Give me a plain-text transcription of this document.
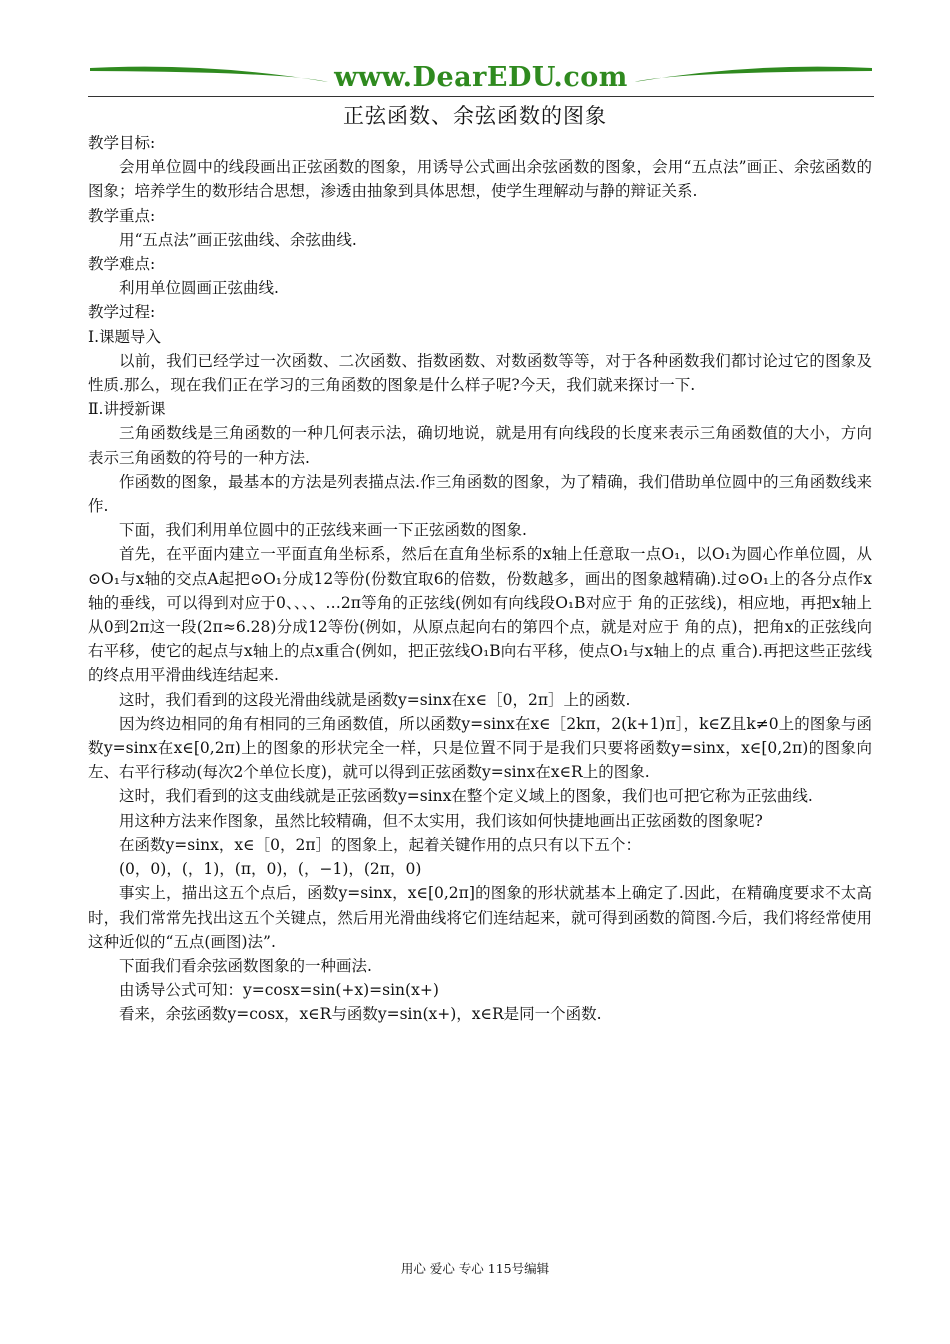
www.DearEDU.com
正弦函数、余弦函数的图象

教学目标:

会用单位圆中的线段画出正弦函数的图象，用诱导公式画出余弦函数的图象，会用“五点法”画正、余弦函数的图象；培养学生的数形结合思想，渗透由抽象到具体思想，使学生理解动与静的辩证关系.

教学重点:

用“五点法”画正弦曲线、余弦曲线.

教学难点:

利用单位圆画正弦曲线.

教学过程:

Ⅰ.课题导入

以前，我们已经学过一次函数、二次函数、指数函数、对数函数等等，对于各种函数我们都讨论过它的图象及性质.那么，现在我们正在学习的三角函数的图象是什么样子呢?今天，我们就来探讨一下.

Ⅱ.讲授新课

三角函数线是三角函数的一种几何表示法，确切地说，就是用有向线段的长度来表示三角函数值的大小，方向表示三角函数的符号的一种方法.

作函数的图象，最基本的方法是列表描点法.作三角函数的图象，为了精确，我们借助单位圆中的三角函数线来作.

下面，我们利用单位圆中的正弦线来画一下正弦函数的图象.

首先，在平面内建立一平面直角坐标系，然后在直角坐标系的x轴上任意取一点O₁，以O₁为圆心作单位圆，从⊙O₁与x轴的交点A起把⊙O₁分成12等份(份数宜取6的倍数，份数越多，画出的图象越精确).过⊙O₁上的各分点作x轴的垂线，可以得到对应于0、、、、…2π等角的正弦线(例如有向线段O₁B对应于 角的正弦线)，相应地，再把x轴上从0到2π这一段(2π≈6.28)分成12等份(例如，从原点起向右的第四个点，就是对应于 角的点)，把角x的正弦线向右平移，使它的起点与x轴上的点x重合(例如，把正弦线O₁B向右平移，使点O₁与x轴上的点 重合).再把这些正弦线的终点用平滑曲线连结起来.

这时，我们看到的这段光滑曲线就是函数y=sinx在x∈［0，2π］上的函数.

因为终边相同的角有相同的三角函数值，所以函数y=sinx在x∈［2kπ，2(k+1)π］，k∈Z且k≠0上的图象与函数y=sinx在x∈[0,2π)上的图象的形状完全一样，只是位置不同于是我们只要将函数y=sinx，x∈[0,2π)的图象向左、右平行移动(每次2个单位长度)，就可以得到正弦函数y=sinx在x∈R上的图象.

这时，我们看到的这支曲线就是正弦函数y=sinx在整个定义域上的图象，我们也可把它称为正弦曲线.

用这种方法来作图象，虽然比较精确，但不太实用，我们该如何快捷地画出正弦函数的图象呢?

在函数y=sinx，x∈［0，2π］的图象上，起着关键作用的点只有以下五个：

(0，0)，(，1)，(π，0)，(，−1)，(2π，0)

事实上，描出这五个点后，函数y=sinx，x∈[0,2π]的图象的形状就基本上确定了.因此，在精确度要求不太高时，我们常常先找出这五个关键点，然后用光滑曲线将它们连结起来，就可得到函数的简图.今后，我们将经常使用这种近似的“五点(画图)法”.

下面我们看余弦函数图象的一种画法.

由诱导公式可知：y=cosx=sin(+x)=sin(x+)

看来，余弦函数y=cosx，x∈R与函数y=sin(x+)，x∈R是同一个函数.

用心 爱心 专心 115号编辑
